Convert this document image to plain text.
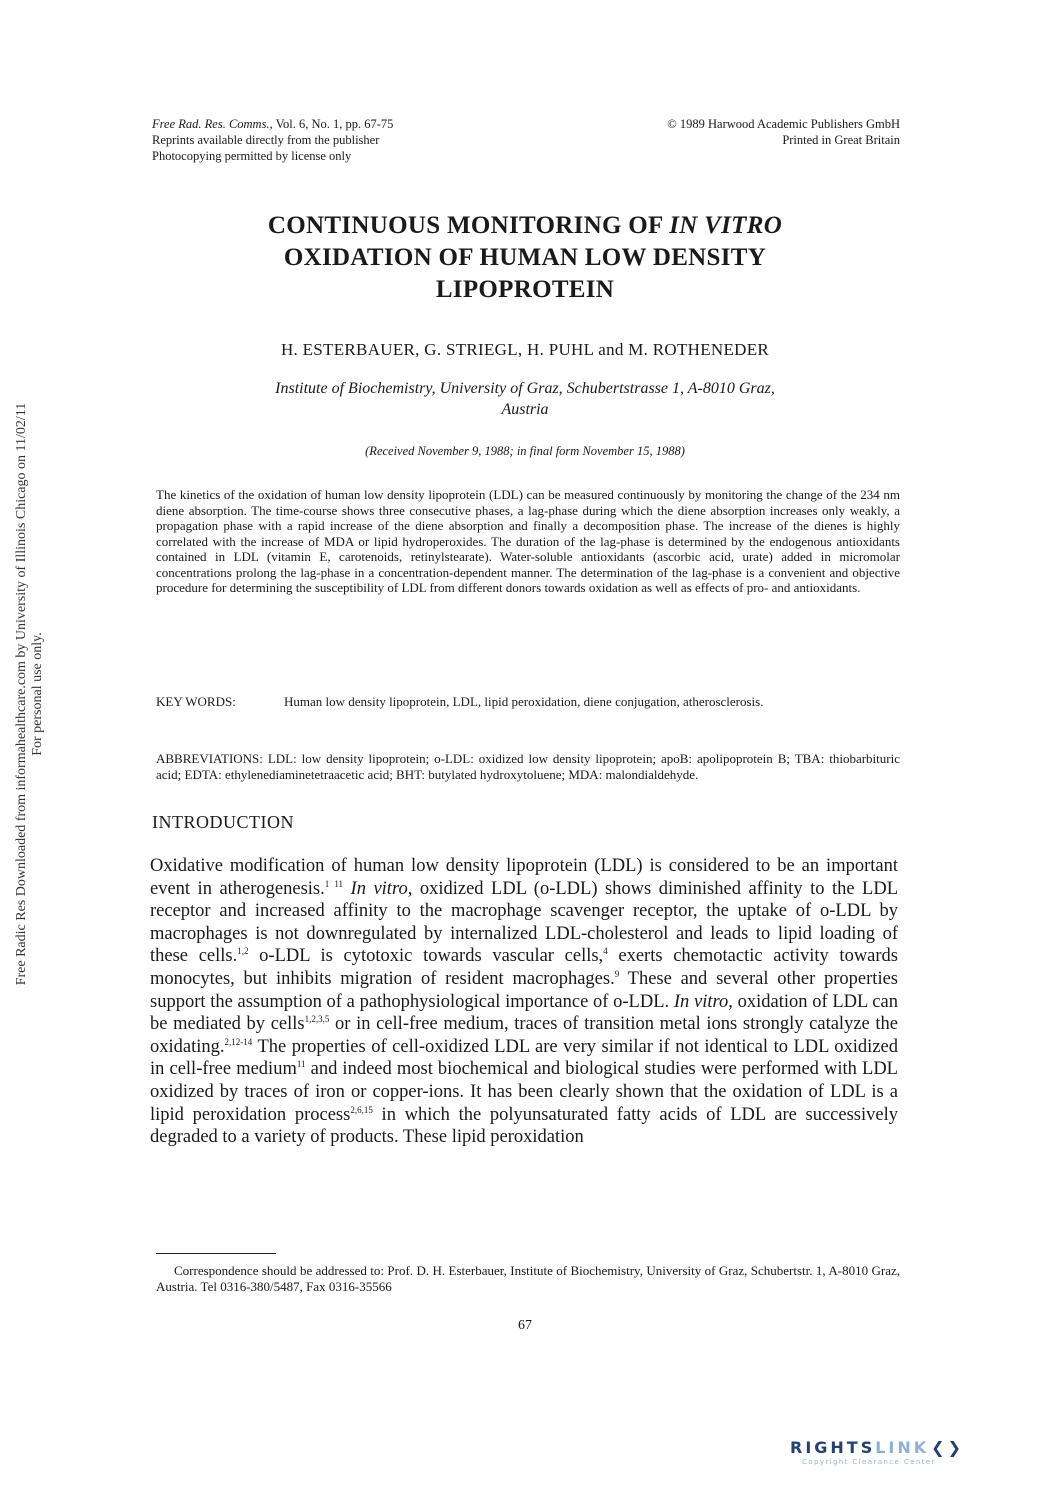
Free Radic Res Downloaded from informahealthcare.com by University of Illinois Chicago on 11/02/11 For personal use only.
Free Rad. Res. Comms., Vol. 6, No. 1, pp. 67-75
Reprints available directly from the publisher
Photocopying permitted by license only
© 1989 Harwood Academic Publishers GmbH
Printed in Great Britain
CONTINUOUS MONITORING OF IN VITRO
OXIDATION OF HUMAN LOW DENSITY
LIPOPROTEIN
H. ESTERBAUER, G. STRIEGL, H. PUHL and M. ROTHENEDER
Institute of Biochemistry, University of Graz, Schubertstrasse 1, A-8010 Graz,
Austria
(Received November 9, 1988; in final form November 15, 1988)
The kinetics of the oxidation of human low density lipoprotein (LDL) can be measured continuously by monitoring the change of the 234 nm diene absorption. The time-course shows three consecutive phases, a lag-phase during which the diene absorption increases only weakly, a propagation phase with a rapid increase of the diene absorption and finally a decomposition phase. The increase of the dienes is highly correlated with the increase of MDA or lipid hydroperoxides. The duration of the lag-phase is determined by the endogenous antioxidants contained in LDL (vitamin E, carotenoids, retinylstearate). Water-soluble antioxidants (ascorbic acid, urate) added in micromolar concentrations prolong the lag-phase in a concentration-dependent manner. The determination of the lag-phase is a convenient and objective procedure for determining the susceptibility of LDL from different donors towards oxidation as well as effects of pro- and antioxidants.
KEY WORDS:	Human low density lipoprotein, LDL, lipid peroxidation, diene conjugation, atherosclerosis.
ABBREVIATIONS: LDL: low density lipoprotein; o-LDL: oxidized low density lipoprotein; apoB: apolipoprotein B; TBA: thiobarbituric acid; EDTA: ethylenediaminetetraacetic acid; BHT: butylated hydroxytoluene; MDA: malondialdehyde.
INTRODUCTION
Oxidative modification of human low density lipoprotein (LDL) is considered to be an important event in atherogenesis.$^{1 11}$ In vitro, oxidized LDL (o-LDL) shows diminished affinity to the LDL receptor and increased affinity to the macrophage scavenger receptor, the uptake of o-LDL by macrophages is not downregulated by internalized LDL-cholesterol and leads to lipid loading of these cells.$^{1,2}$ o-LDL is cytotoxic towards vascular cells,$^4$ exerts chemotactic activity towards monocytes, but inhibits migration of resident macrophages.$^9$ These and several other properties support the assumption of a pathophysiological importance of o-LDL. In vitro, oxidation of LDL can be mediated by cells$^{1,2,3,5}$ or in cell-free medium, traces of transition metal ions strongly catalyze the oxidating.$^{2,12-14}$ The properties of cell-oxidized LDL are very similar if not identical to LDL oxidized in cell-free medium$^{11}$ and indeed most biochemical and biological studies were performed with LDL oxidized by traces of iron or copper-ions. It has been clearly shown that the oxidation of LDL is a lipid peroxidation process$^{2,6,15}$ in which the polyunsaturated fatty acids of LDL are successively degraded to a variety of products. These lipid peroxidation
Correspondence should be addressed to: Prof. D. H. Esterbauer, Institute of Biochemistry, University of Graz, Schubertstr. 1, A-8010 Graz, Austria. Tel 0316-380/5487, Fax 0316-35566
67
RIGHTSLINK ❮❯
Copyright Clearance Center
